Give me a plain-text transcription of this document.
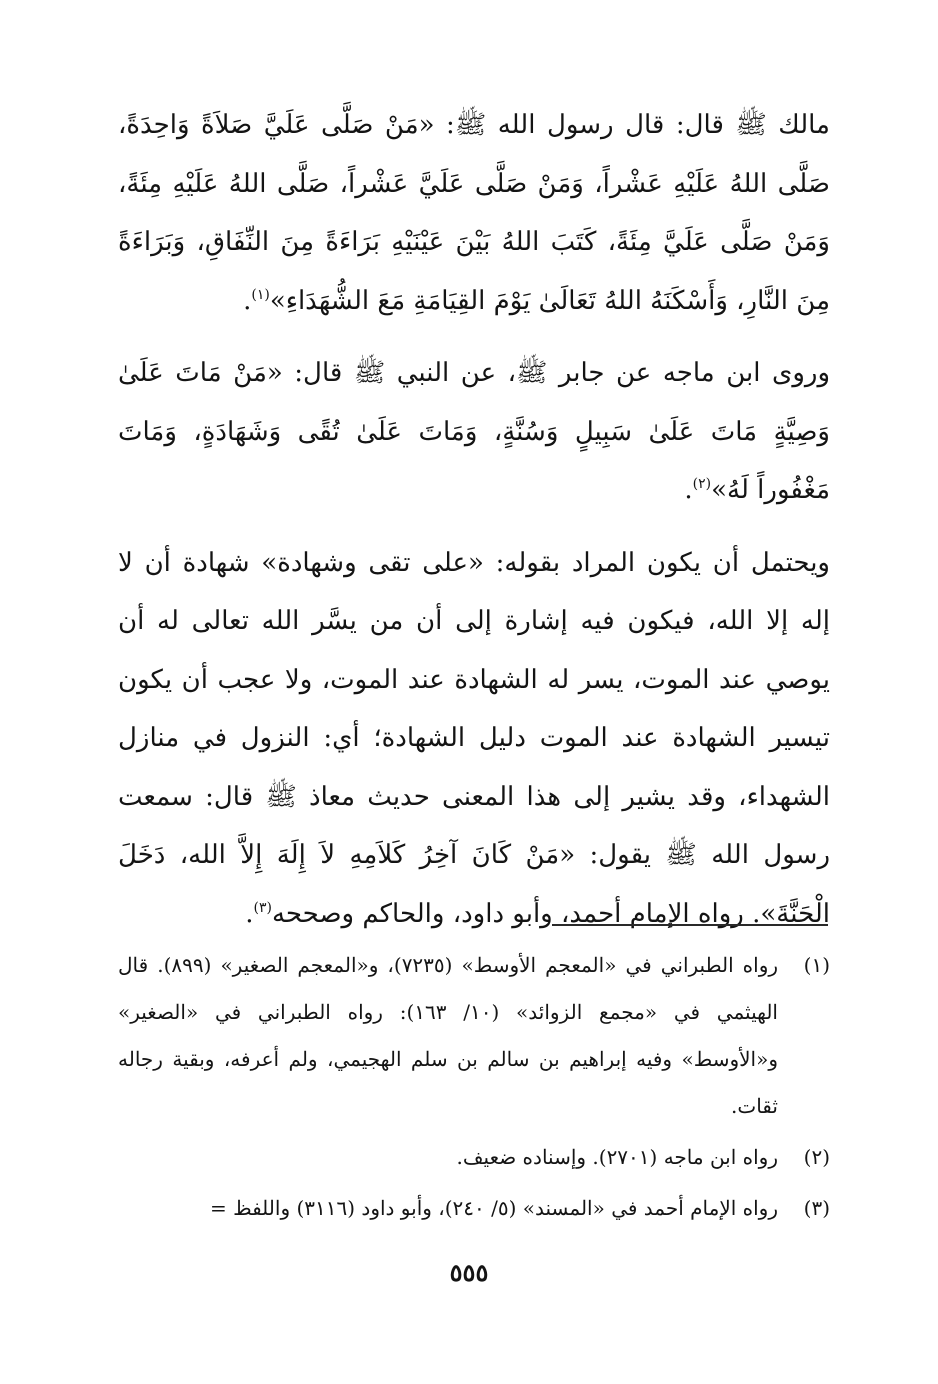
مالك ﷺ قال: قال رسول الله ﷺ: «مَنْ صَلَّى عَلَيَّ صَلاَةً وَاحِدَةً، صَلَّى اللهُ عَلَيْهِ عَشْراً، وَمَنْ صَلَّى عَلَيَّ عَشْراً، صَلَّى اللهُ عَلَيْهِ مِئَةً، وَمَنْ صَلَّى عَلَيَّ مِئَةً، كَتَبَ اللهُ بَيْنَ عَيْنَيْهِ بَرَاءَةً مِنَ النِّفَاقِ، وَبَرَاءَةً مِنَ النَّارِ، وَأَسْكَنَهُ اللهُ تَعَالَىٰ يَوْمَ القِيَامَةِ مَعَ الشُّهَدَاءِ»$^{(١)}$.

وروى ابن ماجه عن جابر ﷺ، عن النبي ﷺ قال: «مَنْ مَاتَ عَلَىٰ وَصِيَّةٍ مَاتَ عَلَىٰ سَبِيلٍ وَسُنَّةٍ، وَمَاتَ عَلَىٰ تُقًى وَشَهَادَةٍ، وَمَاتَ مَغْفُوراً لَهُ»$^{(٢)}$.

ويحتمل أن يكون المراد بقوله: «على تقى وشهادة» شهادة أن لا إله إلا الله، فيكون فيه إشارة إلى أن من يسَّر الله تعالى له أن يوصي عند الموت، يسر له الشهادة عند الموت، ولا عجب أن يكون تيسير الشهادة عند الموت دليل الشهادة؛ أي: النزول في منازل الشهداء، وقد يشير إلى هذا المعنى حديث معاذ ﷺ قال: سمعت رسول الله ﷺ يقول: «مَنْ كَانَ آخِرُ كَلاَمِهِ لاَ إِلَهَ إِلاَّ الله، دَخَلَ الْجَنَّةَ». رواه الإمام أحمد، وأبو داود، والحاكم وصححه$^{(٣)}$.

(١)
رواه الطبراني في «المعجم الأوسط» (٧٢٣٥)، و«المعجم الصغير» (٨٩٩). قال الهيثمي في «مجمع الزوائد» (١٠/ ١٦٣): رواه الطبراني في «الصغير» و«الأوسط» وفيه إبراهيم بن سالم بن سلم الهجيمي، ولم أعرفه، وبقية رجاله ثقات.
(٢)
رواه ابن ماجه (٢٧٠١). وإسناده ضعيف.
(٣)
رواه الإمام أحمد في «المسند» (٥/ ٢٤٠)، وأبو داود (٣١١٦) واللفظ =
٥٥٥
